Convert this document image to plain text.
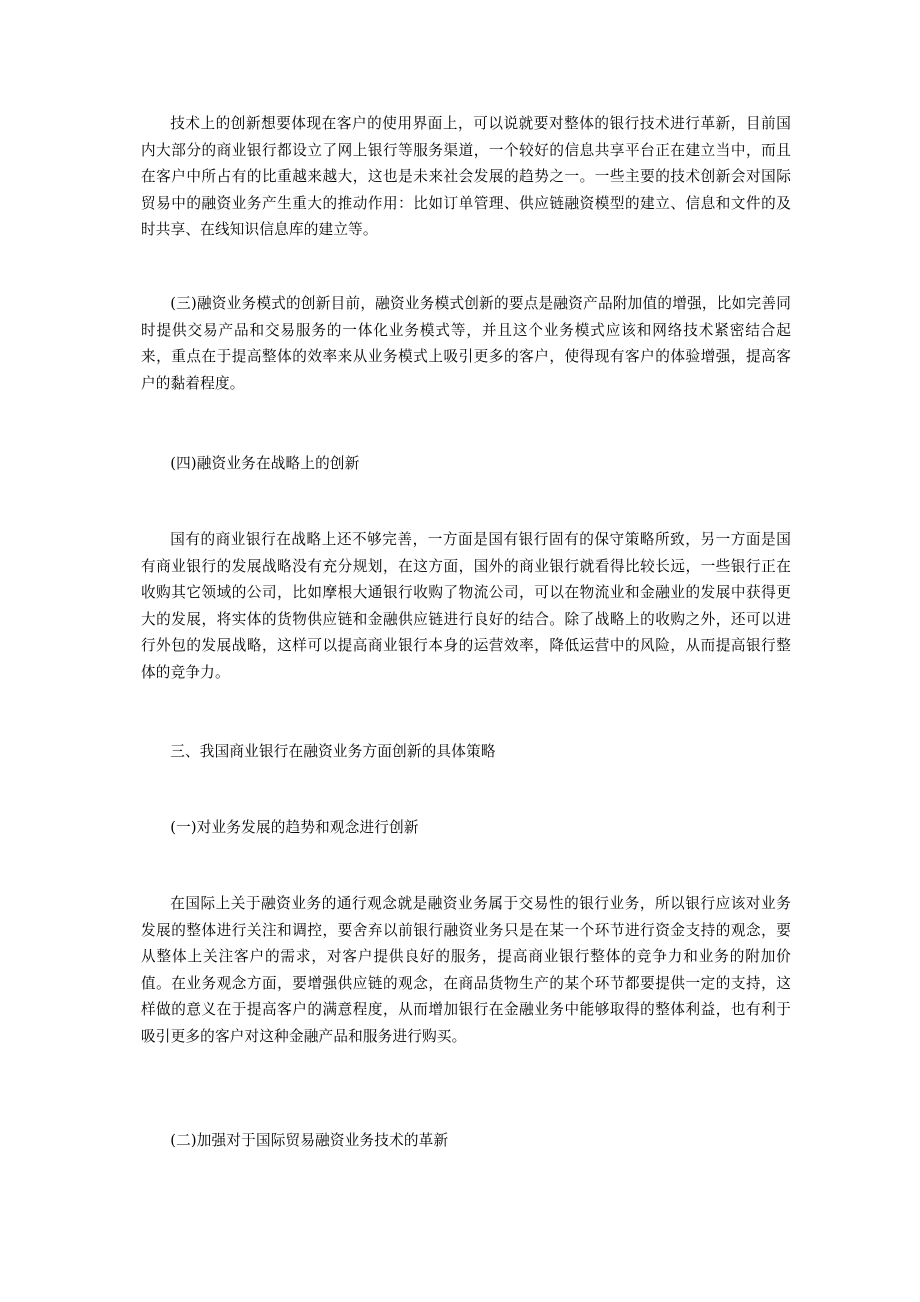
技术上的创新想要体现在客户的使用界面上，可以说就要对整体的银行技术进行革新，目前国内大部分的商业银行都设立了网上银行等服务渠道，一个较好的信息共享平台正在建立当中，而且在客户中所占有的比重越来越大，这也是未来社会发展的趋势之一。一些主要的技术创新会对国际贸易中的融资业务产生重大的推动作用：比如订单管理、供应链融资模型的建立、信息和文件的及时共享、在线知识信息库的建立等。

(三)融资业务模式的创新目前，融资业务模式创新的要点是融资产品附加值的增强，比如完善同时提供交易产品和交易服务的一体化业务模式等，并且这个业务模式应该和网络技术紧密结合起来，重点在于提高整体的效率来从业务模式上吸引更多的客户，使得现有客户的体验增强，提高客户的黏着程度。

(四)融资业务在战略上的创新

国有的商业银行在战略上还不够完善，一方面是国有银行固有的保守策略所致，另一方面是国有商业银行的发展战略没有充分规划，在这方面，国外的商业银行就看得比较长远，一些银行正在收购其它领域的公司，比如摩根大通银行收购了物流公司，可以在物流业和金融业的发展中获得更大的发展，将实体的货物供应链和金融供应链进行良好的结合。除了战略上的收购之外，还可以进行外包的发展战略，这样可以提高商业银行本身的运营效率，降低运营中的风险，从而提高银行整体的竞争力。

三、我国商业银行在融资业务方面创新的具体策略

(一)对业务发展的趋势和观念进行创新

在国际上关于融资业务的通行观念就是融资业务属于交易性的银行业务，所以银行应该对业务发展的整体进行关注和调控，要舍弃以前银行融资业务只是在某一个环节进行资金支持的观念，要从整体上关注客户的需求，对客户提供良好的服务，提高商业银行整体的竞争力和业务的附加价值。在业务观念方面，要增强供应链的观念，在商品货物生产的某个环节都要提供一定的支持，这样做的意义在于提高客户的满意程度，从而增加银行在金融业务中能够取得的整体利益，也有利于吸引更多的客户对这种金融产品和服务进行购买。

(二)加强对于国际贸易融资业务技术的革新
